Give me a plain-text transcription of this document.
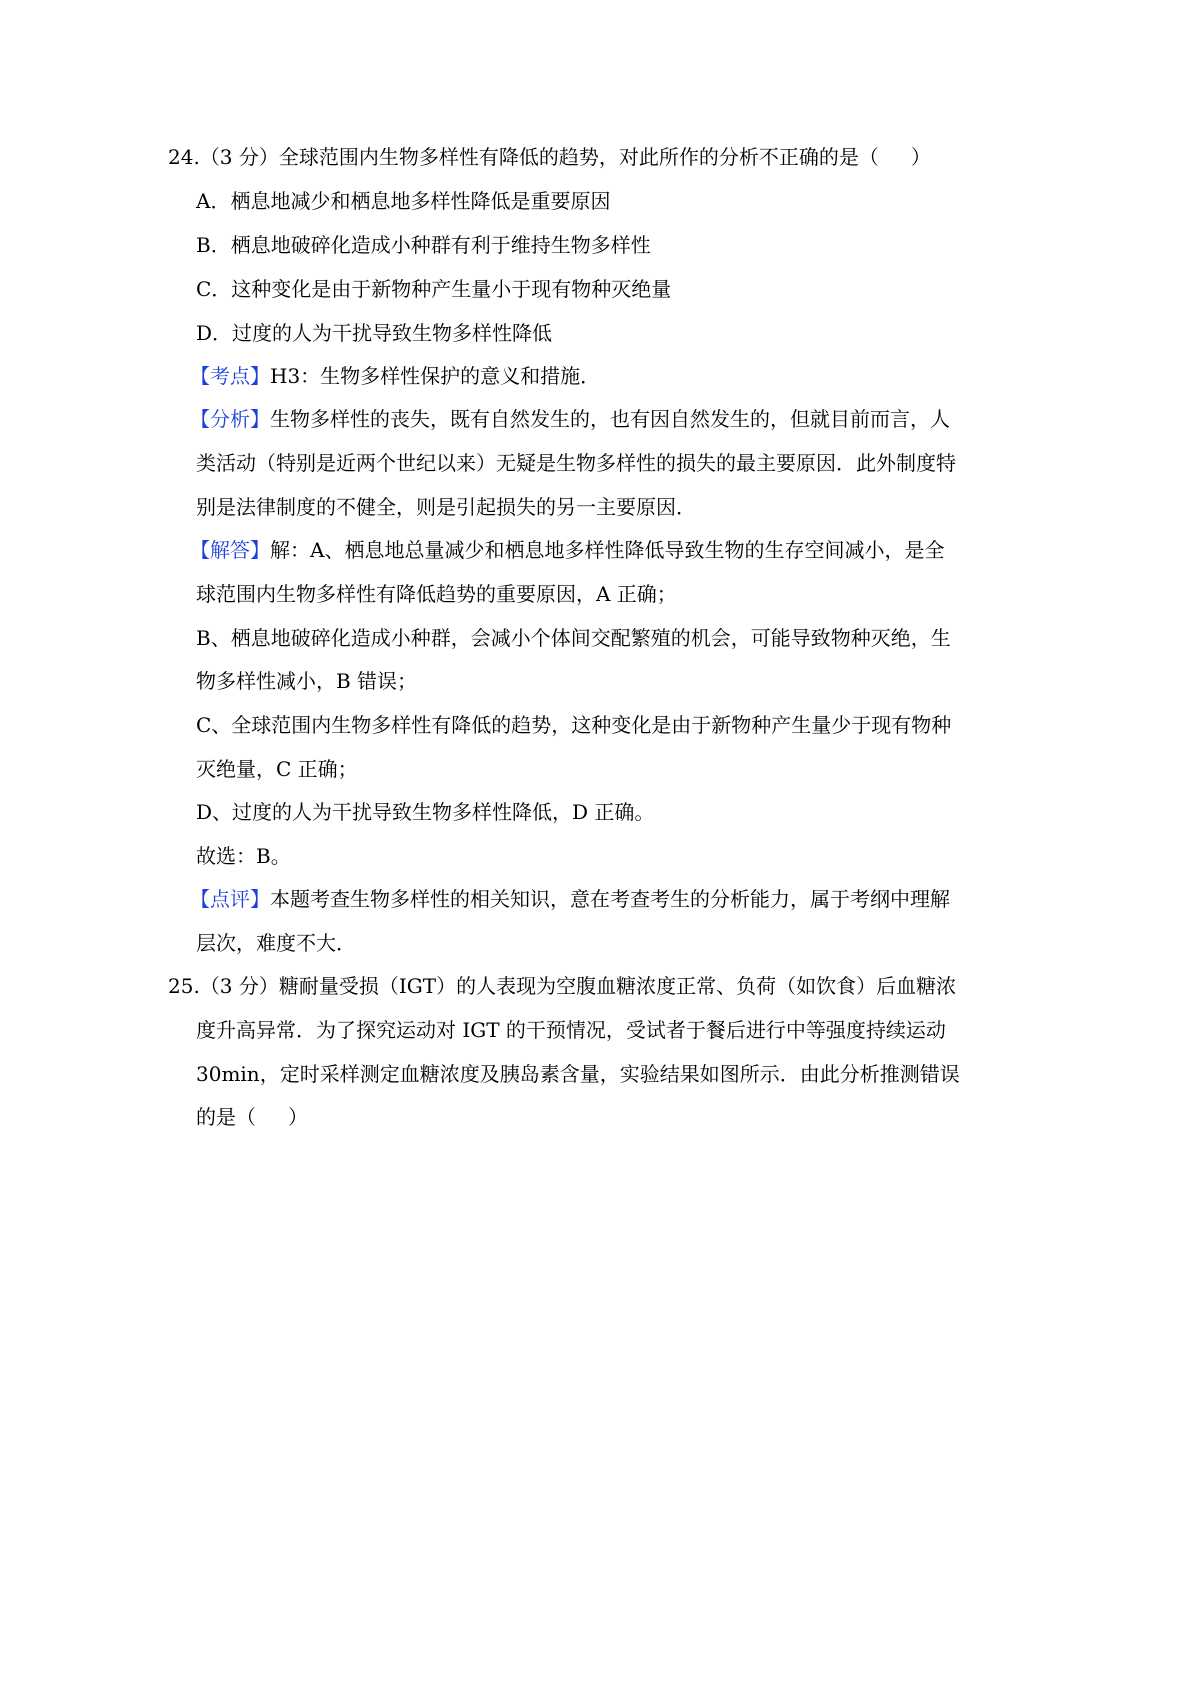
24.（3 分）全球范围内生物多样性有降低的趋势，对此所作的分析不正确的是（ ）
A．栖息地减少和栖息地多样性降低是重要原因
B．栖息地破碎化造成小种群有利于维持生物多样性
C．这种变化是由于新物种产生量小于现有物种灭绝量
D．过度的人为干扰导致生物多样性降低
【考点】H3：生物多样性保护的意义和措施．
【分析】生物多样性的丧失，既有自然发生的，也有因自然发生的，但就目前而言，人
类活动（特别是近两个世纪以来）无疑是生物多样性的损失的最主要原因．此外制度特
别是法律制度的不健全，则是引起损失的另一主要原因．
【解答】解：A、栖息地总量减少和栖息地多样性降低导致生物的生存空间减小，是全
球范围内生物多样性有降低趋势的重要原因，A 正确；
B、栖息地破碎化造成小种群，会减小个体间交配繁殖的机会，可能导致物种灭绝，生
物多样性减小，B 错误；
C、全球范围内生物多样性有降低的趋势，这种变化是由于新物种产生量少于现有物种
灭绝量，C 正确；
D、过度的人为干扰导致生物多样性降低，D 正确。
故选：B。
【点评】本题考查生物多样性的相关知识，意在考查考生的分析能力，属于考纲中理解
层次，难度不大．
25.（3 分）糖耐量受损（IGT）的人表现为空腹血糖浓度正常、负荷（如饮食）后血糖浓
度升高异常．为了探究运动对 IGT 的干预情况，受试者于餐后进行中等强度持续运动
30min，定时采样测定血糖浓度及胰岛素含量，实验结果如图所示．由此分析推测错误
的是（ ）
